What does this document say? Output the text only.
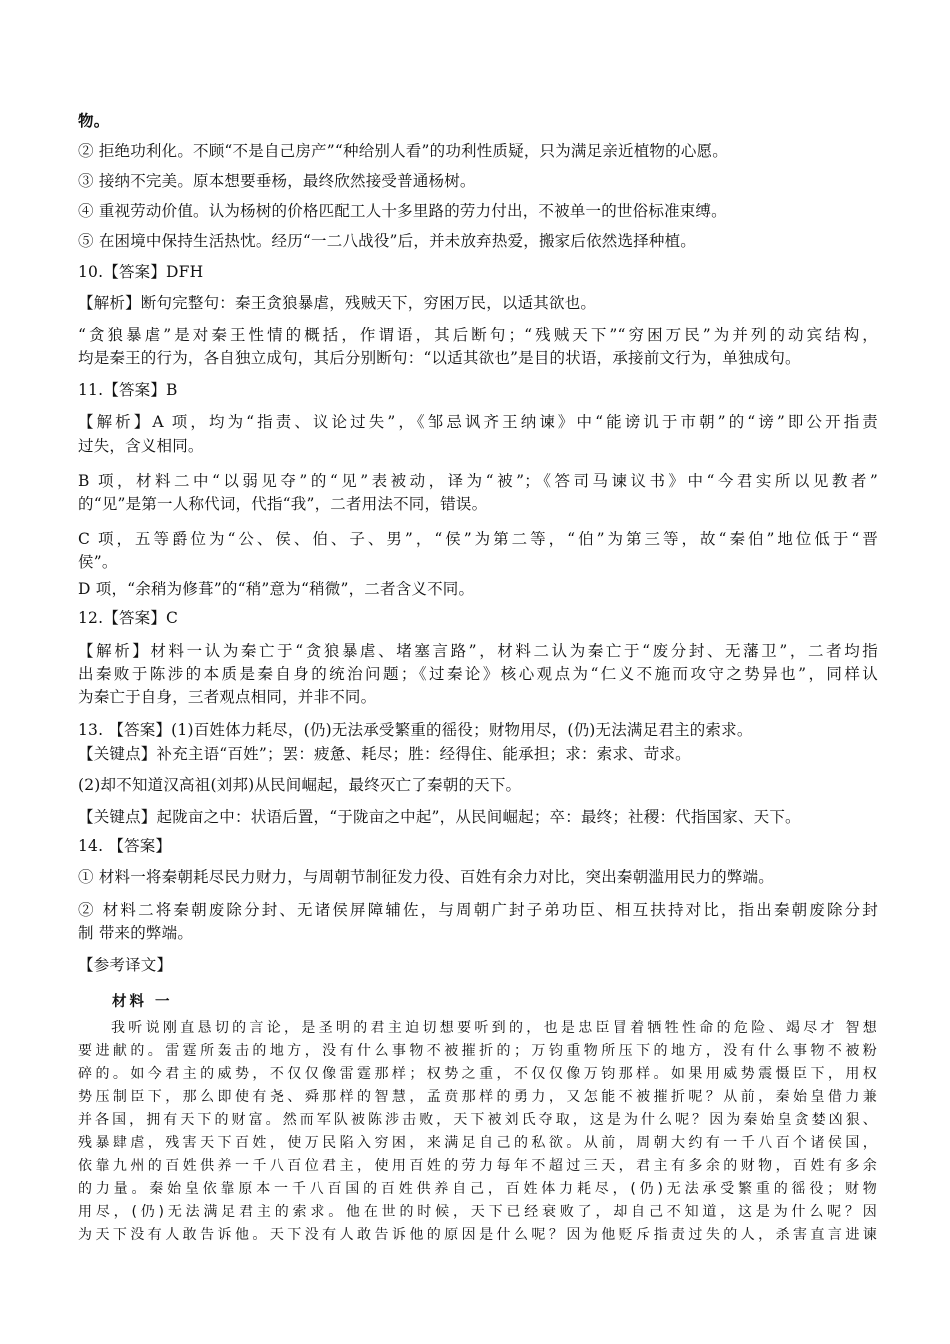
物。
② 拒绝功利化。不顾“不是自己房产”“种给别人看”的功利性质疑，只为满足亲近植物的心愿。
③ 接纳不完美。原本想要垂杨，最终欣然接受普通杨树。
④ 重视劳动价值。认为杨树的价格匹配工人十多里路的劳力付出，不被单一的世俗标准束缚。
⑤ 在困境中保持生活热忱。经历“一二八战役”后，并未放弃热爱，搬家后依然选择种植。
10.【答案】DFH
【解析】断句完整句：秦王贪狼暴虐，残贼天下，穷困万民，以适其欲也。
“贪狼暴虐”是对秦王性情的概括，作谓语，其后断句；“残贼天下”“穷困万民”为并列的动宾结构，
均是秦王的行为，各自独立成句，其后分别断句：“以适其欲也”是目的状语，承接前文行为，单独成句。
11.【答案】B
【解析】A 项，均为“指责、议论过失”，《邹忌讽齐王纳谏》中“能谤讥于市朝”的“谤”即公开指责
过失，含义相同。
B 项，材料二中“以弱见夺”的“见”表被动，译为“被”；《答司马谏议书》中“今君实所以见教者”
的“见”是第一人称代词，代指“我”，二者用法不同，错误。
C 项，五等爵位为“公、侯、伯、子、男”，“侯”为第二等，“伯”为第三等，故“秦伯”地位低于“晋
侯”。
D 项，“余稍为修葺”的“稍”意为“稍微”，二者含义不同。
12.【答案】C
【解析】材料一认为秦亡于“贪狼暴虐、堵塞言路”，材料二认为秦亡于“废分封、无藩卫”，二者均指
出秦败于陈涉的本质是秦自身的统治问题；《过秦论》核心观点为“仁义不施而攻守之势异也”，同样认
为秦亡于自身，三者观点相同，并非不同。
13. 【答案】(1)百姓体力耗尽，(仍)无法承受繁重的徭役；财物用尽，(仍)无法满足君主的索求。
【关键点】补充主语“百姓”；罢：疲惫、耗尽；胜：经得住、能承担；求：索求、苛求。
(2)却不知道汉高祖(刘邦)从民间崛起，最终灭亡了秦朝的天下。
【关键点】起陇亩之中：状语后置，“于陇亩之中起”，从民间崛起；卒：最终；社稷：代指国家、天下。
14. 【答案】
① 材料一将秦朝耗尽民力财力，与周朝节制征发力役、百姓有余力对比，突出秦朝滥用民力的弊端。
② 材料二将秦朝废除分封、无诸侯屏障辅佐，与周朝广封子弟功臣、相互扶持对比，指出秦朝废除分封
制 带来的弊端。
【参考译文】
材料 一
我听说刚直恳切的言论，是圣明的君主迫切想要听到的，也是忠臣冒着牺牲性命的危险、竭尽才 智想
要进献的。雷霆所轰击的地方，没有什么事物不被摧折的；万钧重物所压下的地方，没有什么事物不被粉
碎的。如今君主的威势，不仅仅像雷霆那样；权势之重，不仅仅像万钧那样。如果用威势震慑臣下，用权
势压制臣下，那么即使有尧、舜那样的智慧，孟贲那样的勇力，又怎能不被摧折呢？从前，秦始皇借力兼
并各国，拥有天下的财富。然而军队被陈涉击败，天下被刘氏夺取，这是为什么呢？因为秦始皇贪婪凶狠、
残暴肆虐，残害天下百姓，使万民陷入穷困，来满足自己的私欲。从前，周朝大约有一千八百个诸侯国，
依靠九州的百姓供养一千八百位君主，使用百姓的劳力每年不超过三天，君主有多余的财物，百姓有多余
的力量。秦始皇依靠原本一千八百国的百姓供养自己，百姓体力耗尽，(仍)无法承受繁重的徭役；财物
用尽，(仍)无法满足君主的索求。他在世的时候，天下已经衰败了，却自己不知道，这是为什么呢？因
为天下没有人敢告诉他。天下没有人敢告诉他的原因是什么呢？因为他贬斥指责过失的人，杀害直言进谏
